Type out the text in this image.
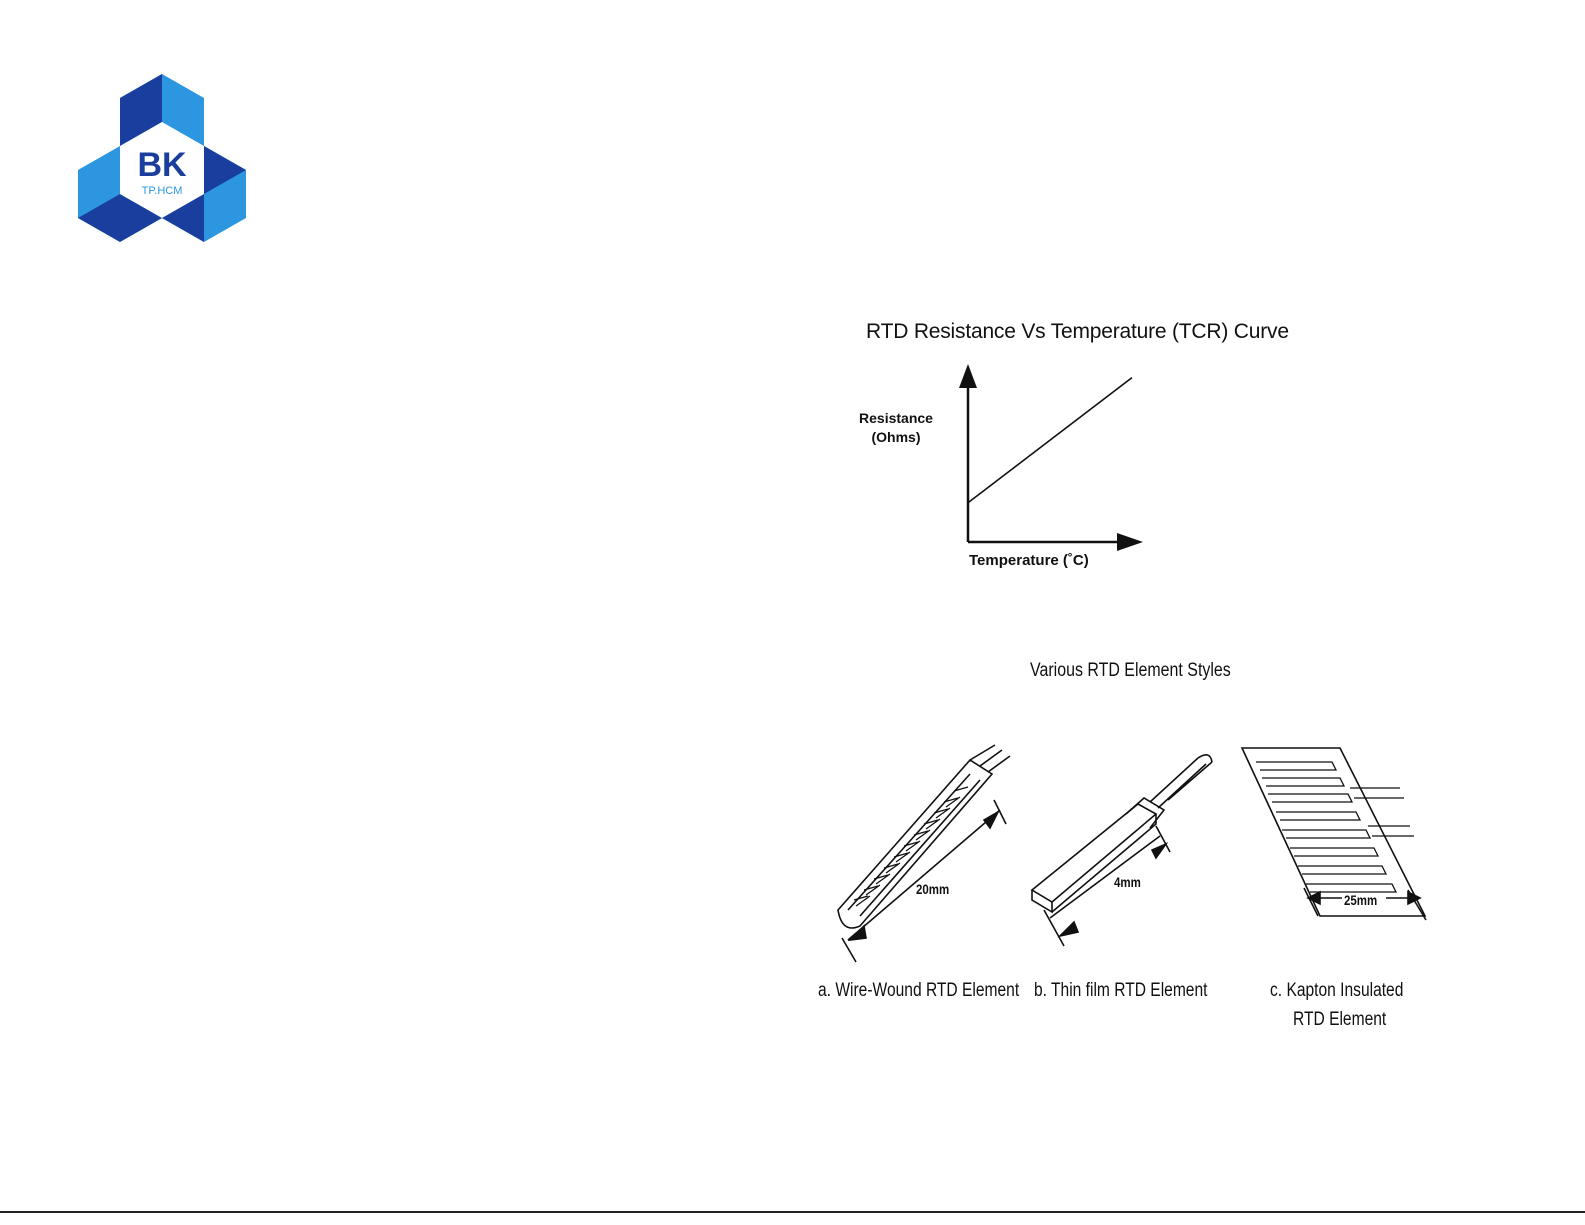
BK
TP.HCM
RTD Resistance Vs Temperature (TCR) Curve
Resistance
(Ohms)
Temperature (˚C)
Various RTD Element Styles
20mm	4mm
25mm
a. Wire-Wound RTD Element b. Thin film RTD Element	c. Kapton Insulated
RTD Element
